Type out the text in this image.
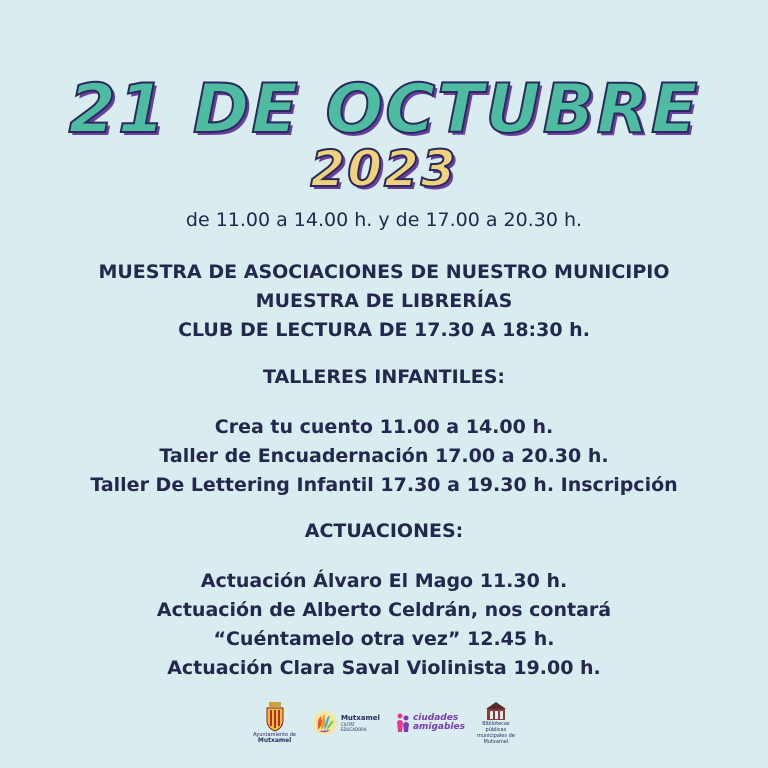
21 DE OCTUBRE
2023
de 11.00 a 14.00 h. y de 17.00 a 20.30 h.
MUESTRA DE ASOCIACIONES DE NUESTRO MUNICIPIO
MUESTRA DE LIBRERÍAS
CLUB DE LECTURA DE 17.30 A 18:30 h.
TALLERES INFANTILES:
Crea tu cuento 11.00 a 14.00 h.
Taller de Encuadernación 17.00 a 20.30 h.
Taller De Lettering Infantil 17.30 a 19.30 h. Inscripción
ACTUACIONES:
Actuación Álvaro El Mago 11.30 h.
Actuación de Alberto Celdrán, nos contará
“Cuéntamelo otra vez” 12.45 h.
Actuación Clara Saval Violinista 19.00 h.
Ayuntamiento de
Mutxamel
Mutxamel
CIUTAT
EDUCADORA
ciudades amigables	Bibliotecas
públicas
municipales de
Mutxamel
